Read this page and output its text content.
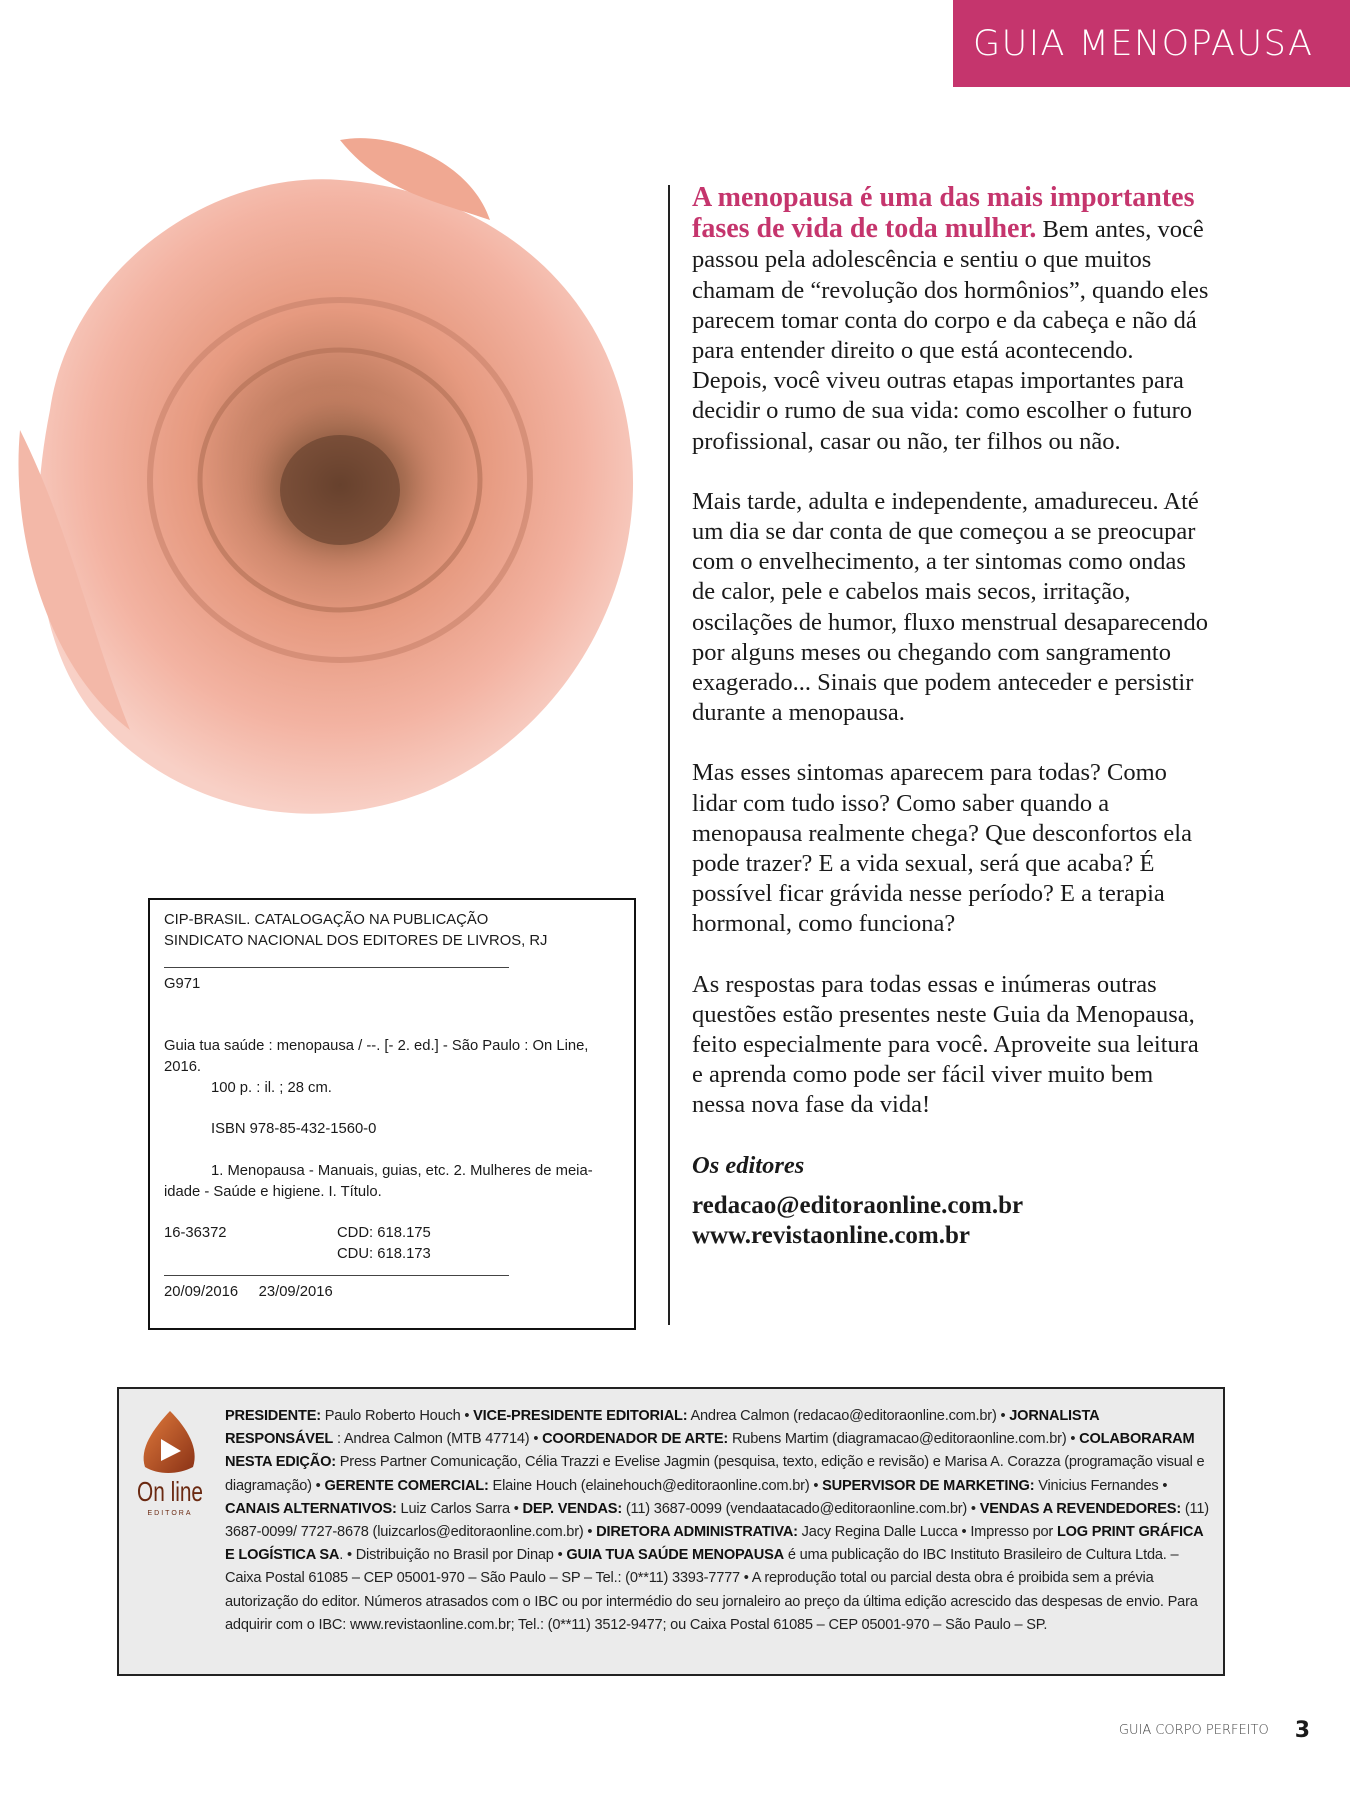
GUIA MENOPAUSA

A menopausa é uma das mais importantes fases de vida de toda mulher. Bem antes, você passou pela adolescência e sentiu o que muitos chamam de “revolução dos hormônios”, quando eles parecem tomar conta do corpo e da cabeça e não dá para entender direito o que está acontecendo. Depois, você viveu outras etapas importantes para decidir o rumo de sua vida: como escolher o futuro profissional, casar ou não, ter filhos ou não.

Mais tarde, adulta e independente, amadureceu. Até um dia se dar conta de que começou a se preocupar com o envelhecimento, a ter sintomas como ondas de calor, pele e cabelos mais secos, irritação, oscilações de humor, fluxo menstrual desaparecendo por alguns meses ou chegando com sangramento exagerado... Sinais que podem anteceder e persistir durante a menopausa.

Mas esses sintomas aparecem para todas? Como lidar com tudo isso? Como saber quando a menopausa realmente chega? Que desconfortos ela pode trazer? E a vida sexual, será que acaba? É possível ficar grávida nesse período? E a terapia hormonal, como funciona?

As respostas para todas essas e inúmeras outras questões estão presentes neste Guia da Menopausa, feito especialmente para você. Aproveite sua leitura e aprenda como pode ser fácil viver muito bem nessa nova fase da vida!

Os editores

redacao@editoraonline.com.br
www.revistaonline.com.br
CIP-BRASIL. CATALOGAÇÃO NA PUBLICAÇÃO
SINDICATO NACIONAL DOS EDITORES DE LIVROS, RJ
G971
Guia tua saúde : menopausa / --. [- 2. ed.] - São Paulo : On Line, 2016.
100 p. : il. ; 28 cm.
ISBN 978-85-432-1560-0
1. Menopausa - Manuais, guias, etc. 2. Mulheres de meia-idade - Saúde e higiene. I. Título.
16-36372	CDD: 618.175
CDU: 618.173
20/09/2016 23/09/2016
On line
EDITORA
PRESIDENTE: Paulo Roberto Houch • VICE-PRESIDENTE EDITORIAL: Andrea Calmon (redacao@editoraonline.com.br) • JORNALISTA RESPONSÁVEL : Andrea Calmon (MTB 47714) • COORDENADOR DE ARTE: Rubens Martim (diagramacao@editoraonline.com.br) • COLABORARAM NESTA EDIÇÃO: Press Partner Comunicação, Célia Trazzi e Evelise Jagmin (pesquisa, texto, edição e revisão) e Marisa A. Corazza (programação visual e diagramação) • GERENTE COMERCIAL: Elaine Houch (elainehouch@editoraonline.com.br) • SUPERVISOR DE MARKETING: Vinicius Fernandes • CANAIS ALTERNATIVOS: Luiz Carlos Sarra • DEP. VENDAS: (11) 3687-0099 (vendaatacado@editoraonline.com.br) • VENDAS A REVENDEDORES: (11) 3687-0099/ 7727-8678 (luizcarlos@editoraonline.com.br) • DIRETORA ADMINISTRATIVA: Jacy Regina Dalle Lucca • Impresso por LOG PRINT GRÁFICA E LOGÍSTICA SA. • Distribuição no Brasil por Dinap • GUIA TUA SAÚDE MENOPAUSA é uma publicação do IBC Instituto Brasileiro de Cultura Ltda. – Caixa Postal 61085 – CEP 05001-970 – São Paulo – SP – Tel.: (0**11) 3393-7777 • A reprodução total ou parcial desta obra é proibida sem a prévia autorização do editor. Números atrasados com o IBC ou por intermédio do seu jornaleiro ao preço da última edição acrescido das despesas de envio. Para adquirir com o IBC: www.revistaonline.com.br; Tel.: (0**11) 3512-9477; ou Caixa Postal 61085 – CEP 05001-970 – São Paulo – SP.
GUIA CORPO PERFEITO 3
